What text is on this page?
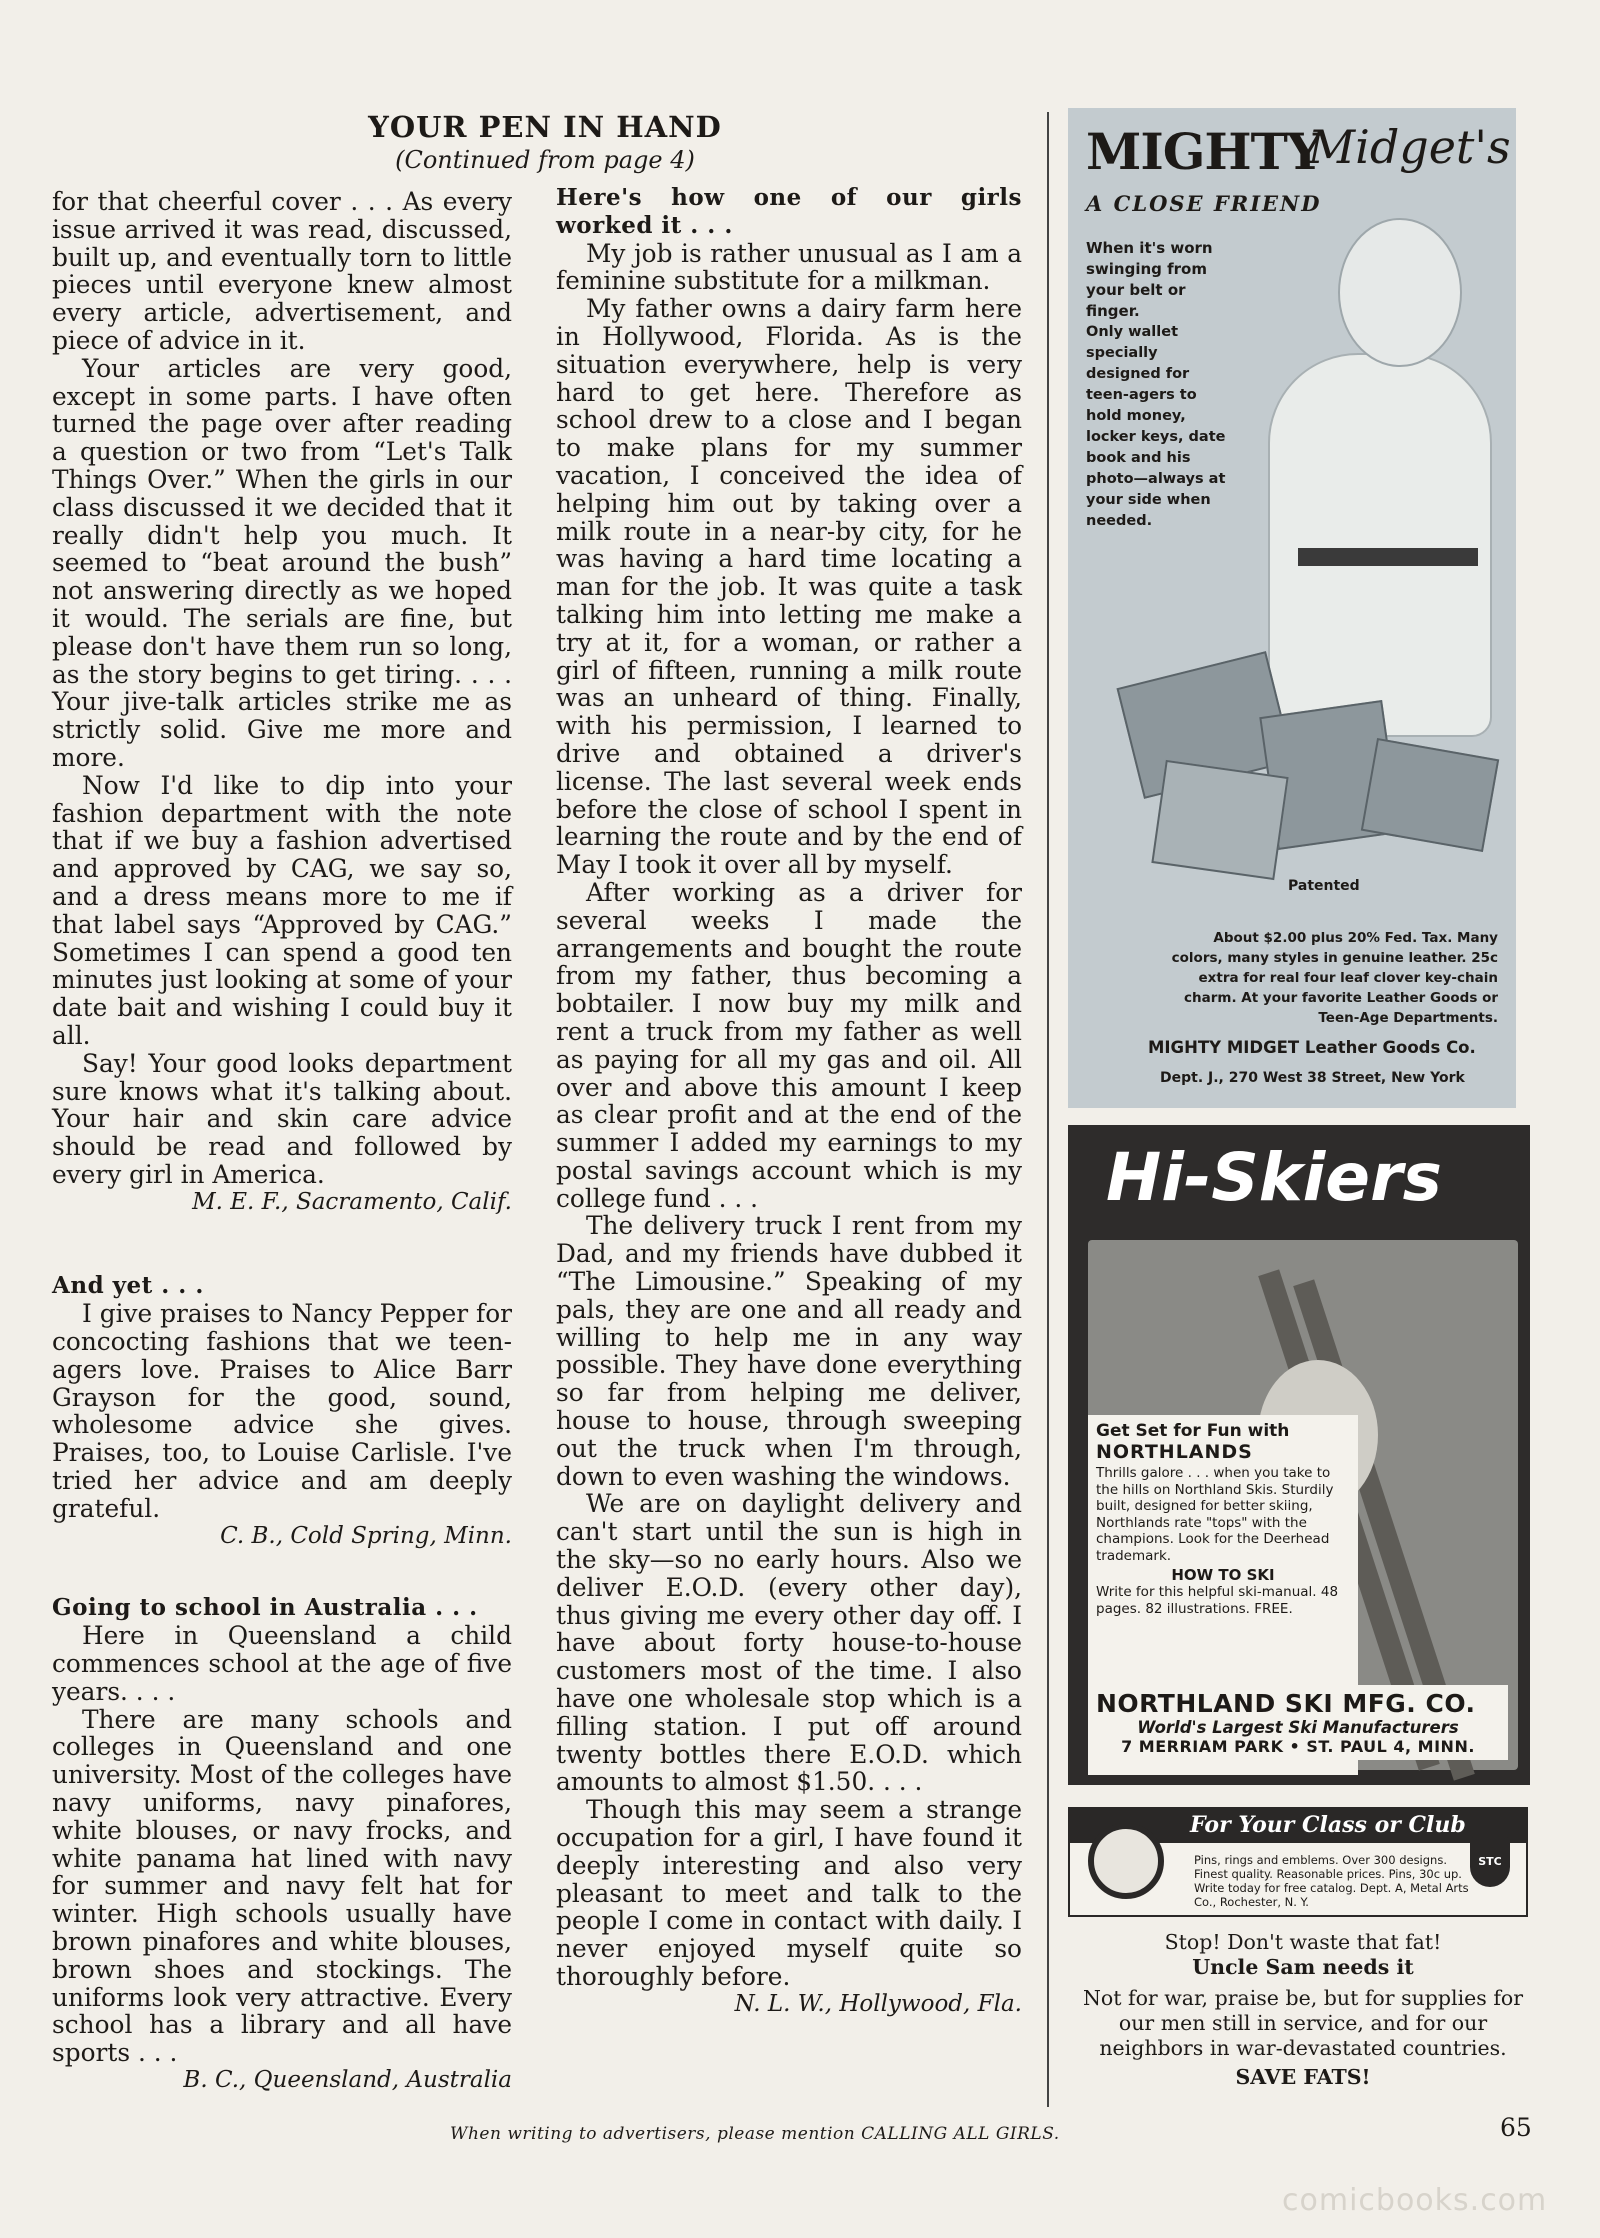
YOUR PEN IN HAND
(Continued from page 4)

for that cheerful cover . . . As every issue arrived it was read, discussed, built up, and eventually torn to little pieces until everyone knew almost every article, advertisement, and piece of advice in it.

Your articles are very good, except in some parts. I have often turned the page over after reading a question or two from “Let's Talk Things Over.” When the girls in our class discussed it we decided that it really didn't help you much. It seemed to “beat around the bush” not answering directly as we hoped it would. The serials are fine, but please don't have them run so long, as the story begins to get tiring. . . . Your jive-talk articles strike me as strictly solid. Give me more and more.

Now I'd like to dip into your fashion department with the note that if we buy a fashion advertised and approved by CAG, we say so, and a dress means more to me if that label says “Approved by CAG.” Sometimes I can spend a good ten minutes just looking at some of your date bait and wishing I could buy it all.

Say! Your good looks department sure knows what it's talking about. Your hair and skin care advice should be read and followed by every girl in America.

M. E. F., Sacramento, Calif.

And yet . . .

I give praises to Nancy Pepper for concocting fashions that we teen-agers love. Praises to Alice Barr Grayson for the good, sound, wholesome advice she gives. Praises, too, to Louise Carlisle. I've tried her advice and am deeply grateful.

C. B., Cold Spring, Minn.

Going to school in Australia . . .

Here in Queensland a child commences school at the age of five years. . . .

There are many schools and colleges in Queensland and one university. Most of the colleges have navy uniforms, navy pinafores, white blouses, or navy frocks, and white panama hat lined with navy for summer and navy felt hat for winter. High schools usually have brown pinafores and white blouses, brown shoes and stockings. The uniforms look very attractive. Every school has a library and all have sports . . .

B. C., Queensland, Australia

Here's how one of our girls worked it . . .

My job is rather unusual as I am a feminine substitute for a milkman.

My father owns a dairy farm here in Hollywood, Florida. As is the situation everywhere, help is very hard to get here. Therefore as school drew to a close and I began to make plans for my summer vacation, I conceived the idea of helping him out by taking over a milk route in a near-by city, for he was having a hard time locating a man for the job. It was quite a task talking him into letting me make a try at it, for a woman, or rather a girl of fifteen, running a milk route was an unheard of thing. Finally, with his permission, I learned to drive and obtained a driver's license. The last several week ends before the close of school I spent in learning the route and by the end of May I took it over all by myself.

After working as a driver for several weeks I made the arrangements and bought the route from my father, thus becoming a bobtailer. I now buy my milk and rent a truck from my father as well as paying for all my gas and oil. All over and above this amount I keep as clear profit and at the end of the summer I added my earnings to my postal savings account which is my college fund . . .

The delivery truck I rent from my Dad, and my friends have dubbed it “The Limousine.” Speaking of my pals, they are one and all ready and willing to help me in any way possible. They have done everything so far from helping me deliver, house to house, through sweeping out the truck when I'm through, down to even washing the windows.

We are on daylight delivery and can't start until the sun is high in the sky—so no early hours. Also we deliver E.O.D. (every other day), thus giving me every other day off. I have about forty house-to-house customers most of the time. I also have one wholesale stop which is a filling station. I put off around twenty bottles there E.O.D. which amounts to almost $1.50. . . .

Though this may seem a strange occupation for a girl, I have found it deeply interesting and also very pleasant to meet and talk to the people I come in contact with daily. I never enjoyed myself quite so thoroughly before.

N. L. W., Hollywood, Fla.

MIGHTY
Midget's
A CLOSE FRIEND
When it's worn swinging from your belt or finger.
Only wallet specially designed for teen-agers to hold money, locker keys, date book and his photo—always at your side when needed.
Patented
About $2.00 plus 20% Fed. Tax. Many colors, many styles in genuine leather. 25c extra for real four leaf clover key-chain charm. At your favorite Leather Goods or Teen-Age Departments.
MIGHTY MIDGET Leather Goods Co.
Dept. J., 270 West 38 Street, New York
Hi-Skiers
Get Set for Fun with
NORTHLANDS
Thrills galore . . . when you take to the hills on Northland Skis. Sturdily built, designed for better skiing, Northlands rate "tops" with the champions. Look for the Deerhead trademark.
HOW TO SKI
Write for this helpful ski-manual. 48 pages. 82 illustrations. FREE.
NORTHLAND SKI MFG. CO.
World's Largest Ski Manufacturers
7 MERRIAM PARK • ST. PAUL 4, MINN.
For Your Class or Club
Pins, rings and emblems. Over 300 designs. Finest quality. Reasonable prices. Pins, 30c up. Write today for free catalog. Dept. A, Metal Arts Co., Rochester, N. Y.
STC

Stop! Don't waste that fat!

Uncle Sam needs it

Not for war, praise be, but for supplies for our men still in service, and for our neighbors in war-devastated countries.

SAVE FATS!

When writing to advertisers, please mention CALLING ALL GIRLS.	65
comicbooks.com
